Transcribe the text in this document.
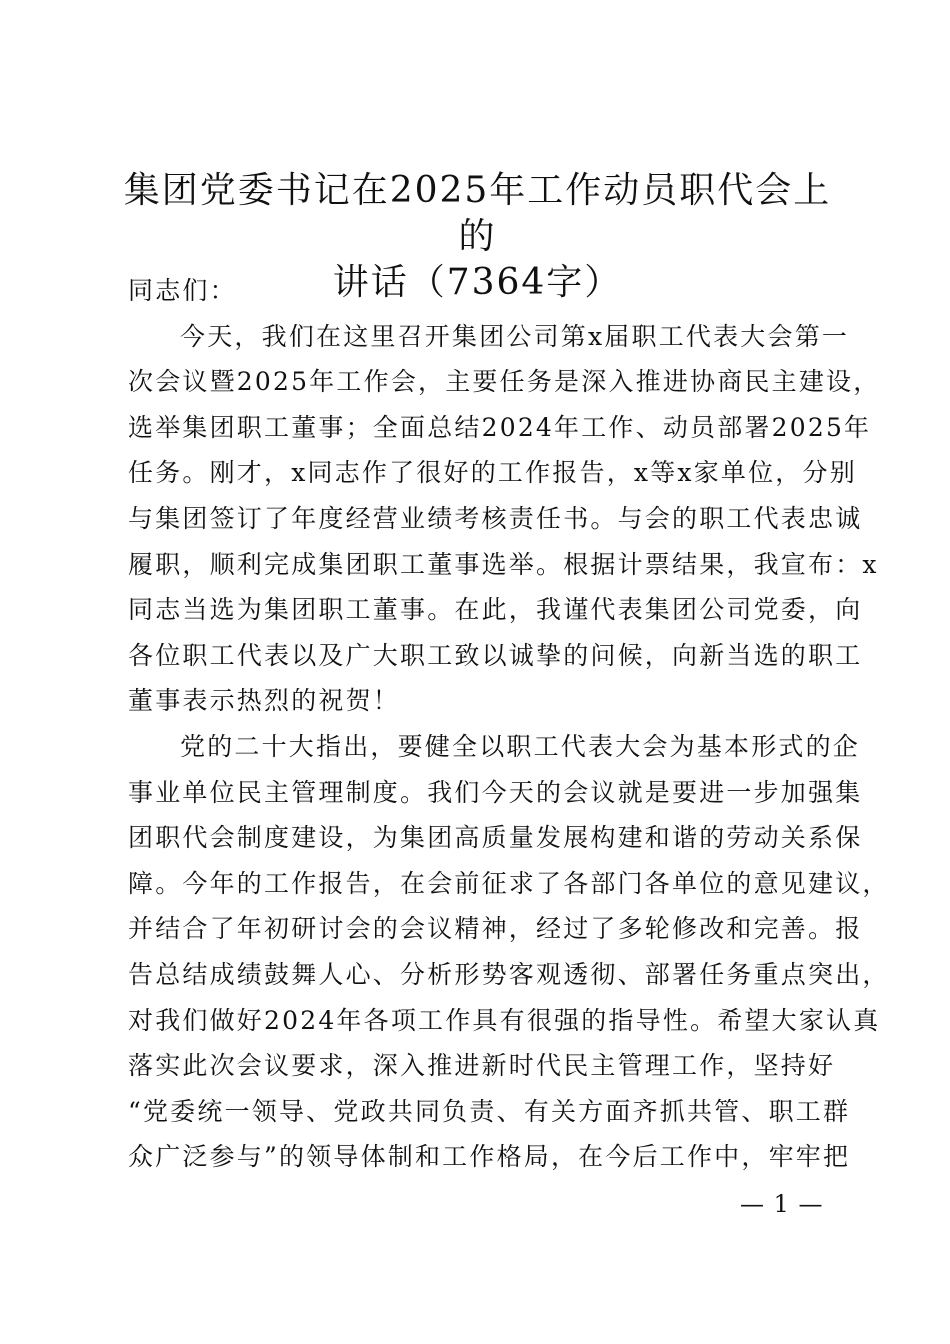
集团党委书记在2025年工作动员职代会上的
讲话（7364字）
同志们：
今天，我们在这里召开集团公司第x届职工代表大会第一
次会议暨2025年工作会，主要任务是深入推进协商民主建设，
选举集团职工董事；全面总结2024年工作、动员部署2025年
任务。刚才，x同志作了很好的工作报告，x等x家单位，分别
与集团签订了年度经营业绩考核责任书。与会的职工代表忠诚
履职，顺利完成集团职工董事选举。根据计票结果，我宣布：x
同志当选为集团职工董事。在此，我谨代表集团公司党委，向
各位职工代表以及广大职工致以诚挚的问候，向新当选的职工
董事表示热烈的祝贺！
党的二十大指出，要健全以职工代表大会为基本形式的企
事业单位民主管理制度。我们今天的会议就是要进一步加强集
团职代会制度建设，为集团高质量发展构建和谐的劳动关系保
障。今年的工作报告，在会前征求了各部门各单位的意见建议，
并结合了年初研讨会的会议精神，经过了多轮修改和完善。报
告总结成绩鼓舞人心、分析形势客观透彻、部署任务重点突出，
对我们做好2024年各项工作具有很强的指导性。希望大家认真
落实此次会议要求，深入推进新时代民主管理工作，坚持好
“党委统一领导、党政共同负责、有关方面齐抓共管、职工群
众广泛参与”的领导体制和工作格局，在今后工作中，牢牢把
— 1 —
